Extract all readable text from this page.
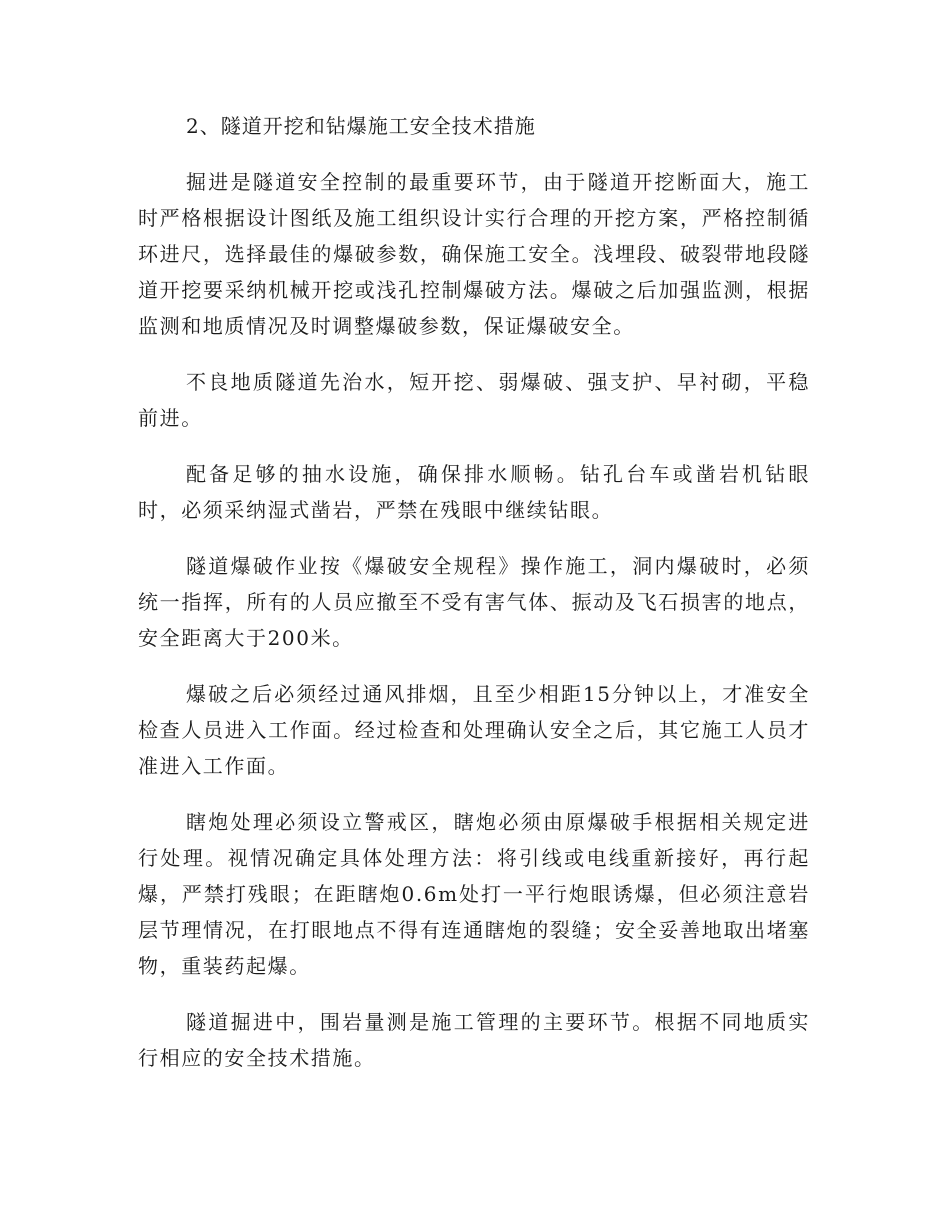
2、隧道开挖和钻爆施工安全技术措施

掘进是隧道安全控制的最重要环节，由于隧道开挖断面大，施工时严格根据设计图纸及施工组织设计实行合理的开挖方案，严格控制循环进尺，选择最佳的爆破参数，确保施工安全。浅埋段、破裂带地段隧道开挖要采纳机械开挖或浅孔控制爆破方法。爆破之后加强监测，根据监测和地质情况及时调整爆破参数，保证爆破安全。

不良地质隧道先治水，短开挖、弱爆破、强支护、早衬砌，平稳前进。

配备足够的抽水设施，确保排水顺畅。钻孔台车或凿岩机钻眼时，必须采纳湿式凿岩，严禁在残眼中继续钻眼。

隧道爆破作业按《爆破安全规程》操作施工，洞内爆破时，必须统一指挥，所有的人员应撤至不受有害气体、振动及飞石损害的地点，安全距离大于200米。

爆破之后必须经过通风排烟，且至少相距15分钟以上，才准安全检查人员进入工作面。经过检查和处理确认安全之后，其它施工人员才准进入工作面。

瞎炮处理必须设立警戒区，瞎炮必须由原爆破手根据相关规定进行处理。视情况确定具体处理方法：将引线或电线重新接好，再行起爆，严禁打残眼；在距瞎炮0.6m处打一平行炮眼诱爆，但必须注意岩层节理情况，在打眼地点不得有连通瞎炮的裂缝；安全妥善地取出堵塞物，重装药起爆。

隧道掘进中，围岩量测是施工管理的主要环节。根据不同地质实行相应的安全技术措施。
